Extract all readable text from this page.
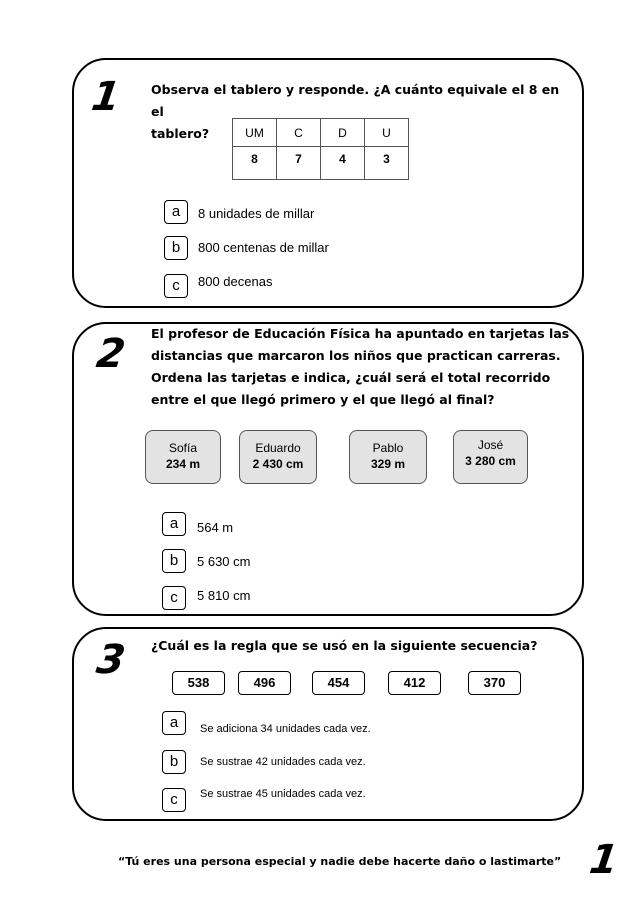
1 Observa el tablero y responde. ¿A cuánto equivale el 8 en el
tablero?	UM	C	D	U
8	7	4	3
a	8 unidades de millar
b	800 centenas de millar
c	800 decenas
2 El profesor de Educación Física ha apuntado en tarjetas las
distancias que marcaron los niños que practican carreras.
Ordena las tarjetas e indica, ¿cuál será el total recorrido
entre el que llegó primero y el que llegó al final?
Sofía
234 m
Eduardo
2 430 cm
Pablo
329 m
José
3 280 cm
a	564 m
b	5 630 cm
c	5 810 cm
3 ¿Cuál es la regla que se usó en la siguiente secuencia?
538	496	454	412	370
a	Se adiciona 34 unidades cada vez.
b	Se sustrae 42 unidades cada vez.
c	Se sustrae 45 unidades cada vez.
“Tú eres una persona especial y nadie debe hacerte daño o lastimarte” 1
